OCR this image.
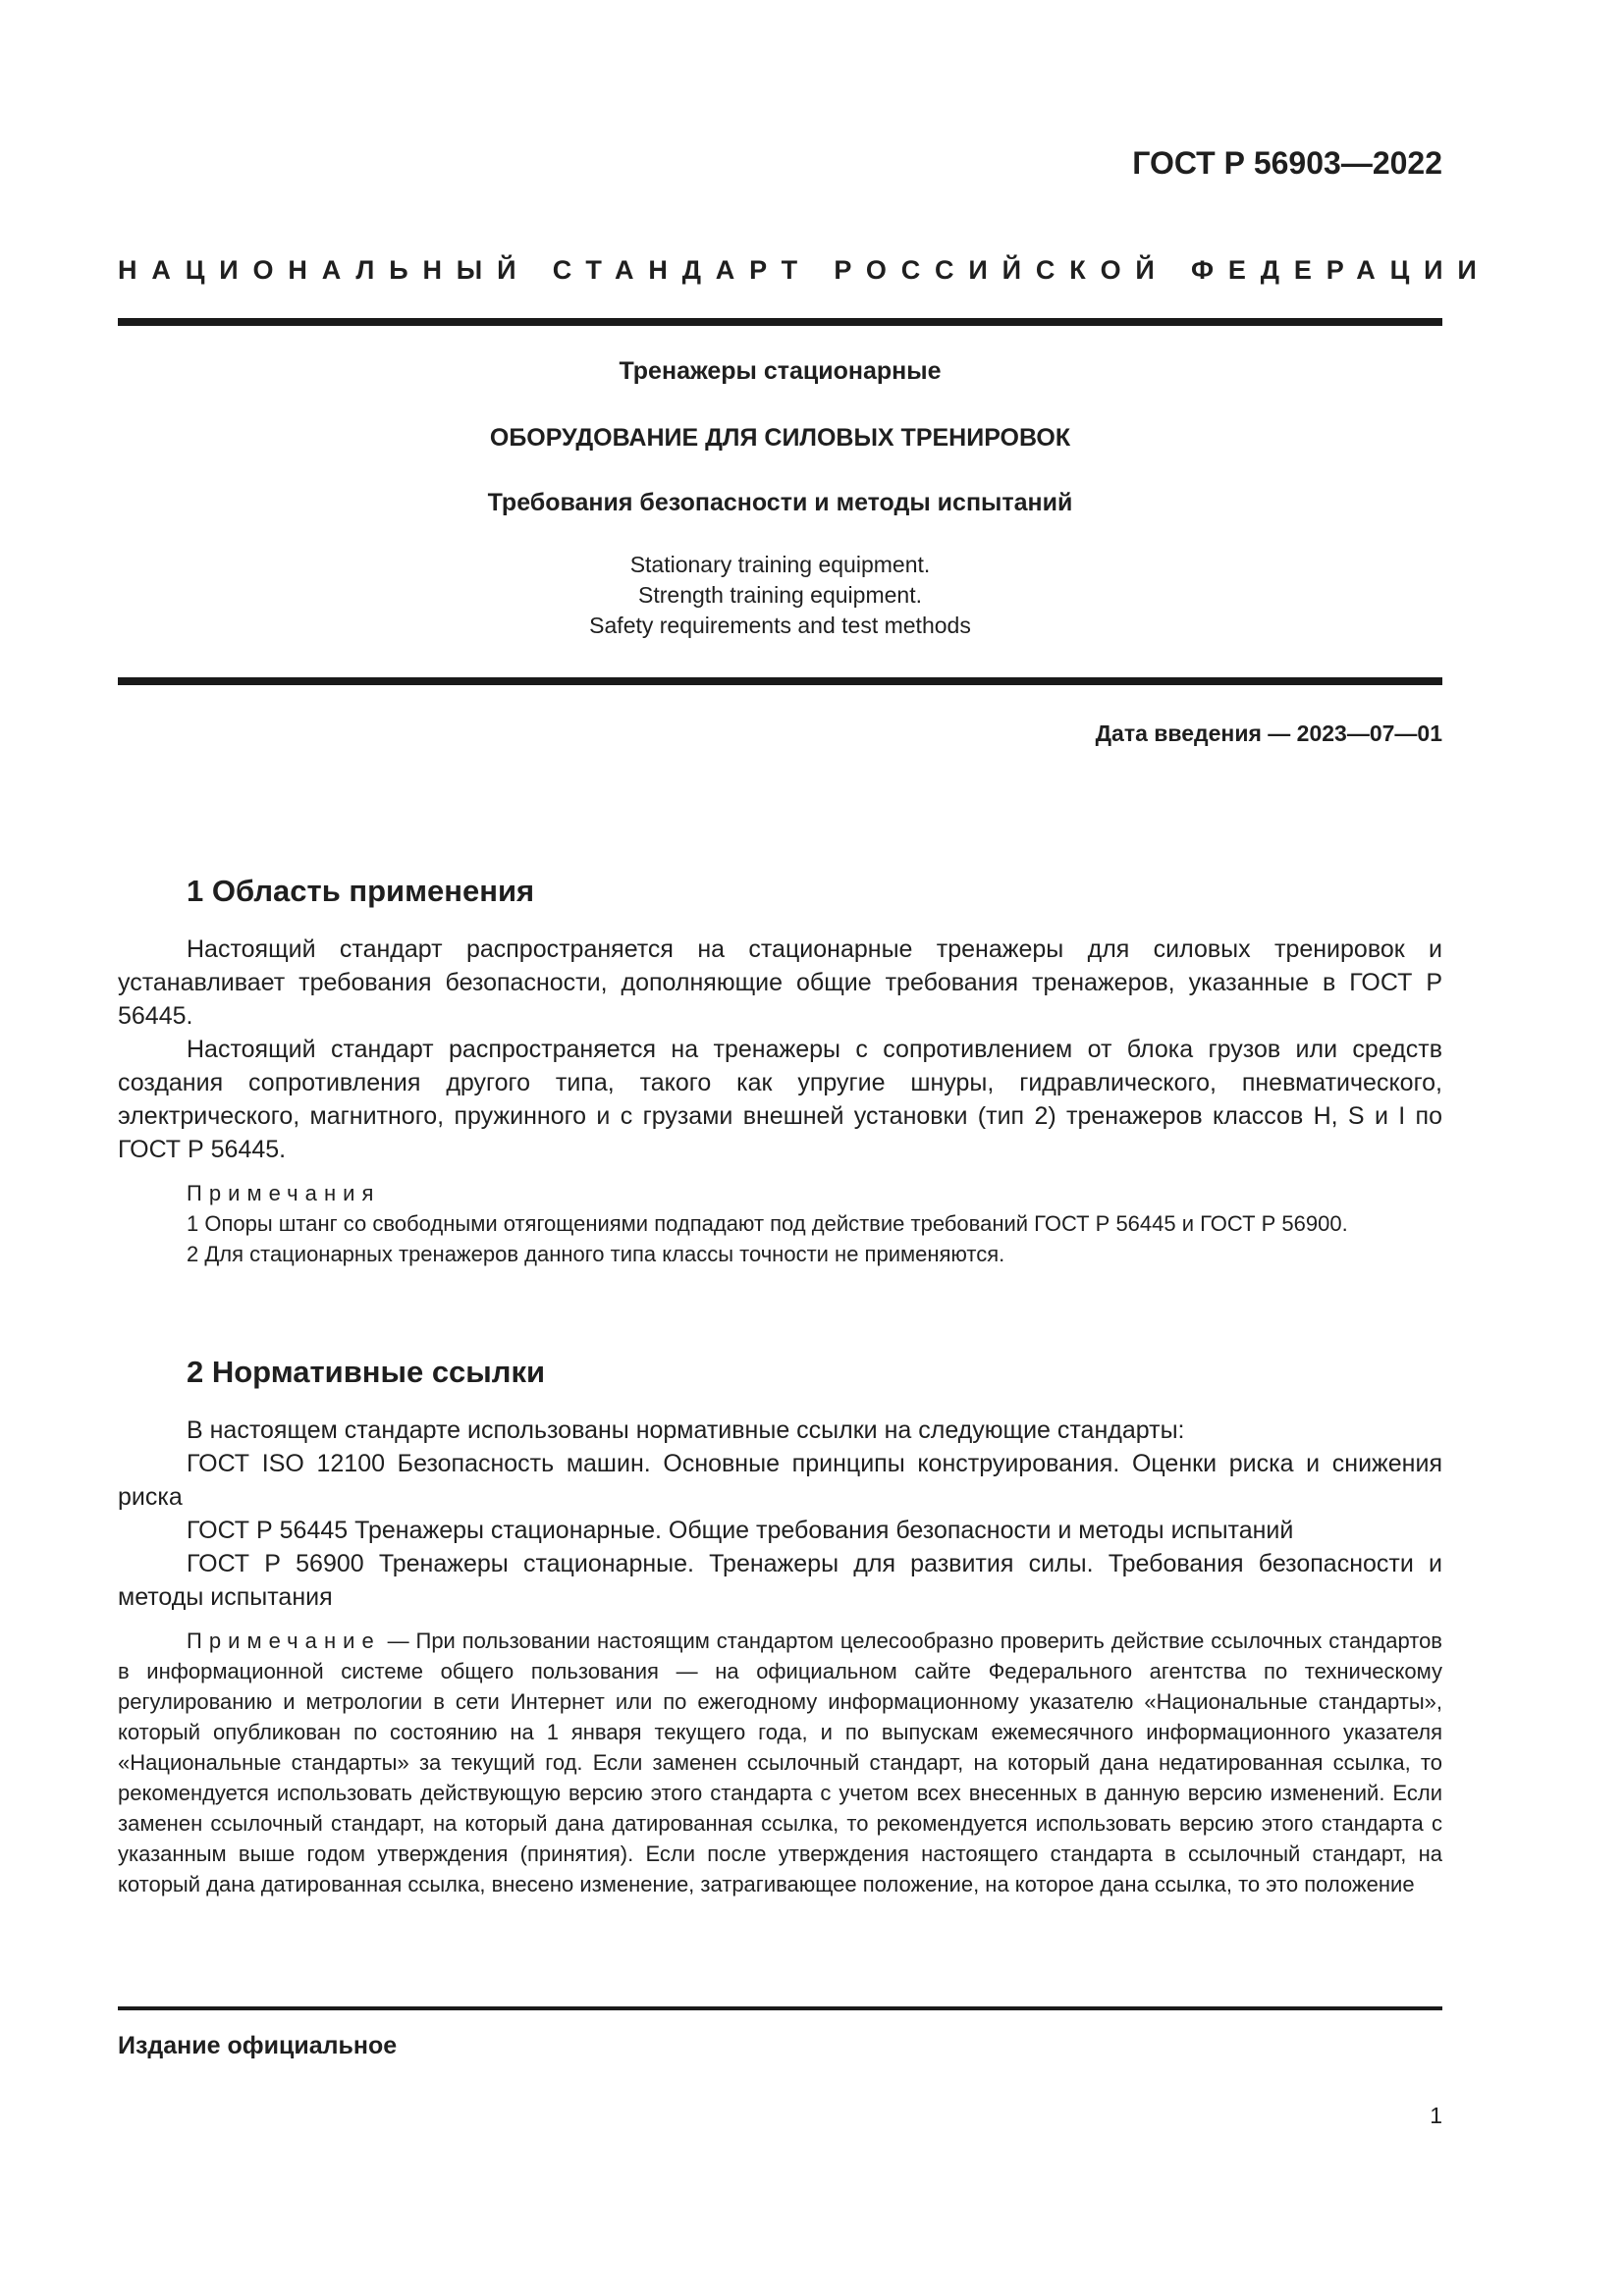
ГОСТ Р 56903—2022
НАЦИОНАЛЬНЫЙ СТАНДАРТ РОССИЙСКОЙ ФЕДЕРАЦИИ
Тренажеры стационарные
ОБОРУДОВАНИЕ ДЛЯ СИЛОВЫХ ТРЕНИРОВОК
Требования безопасности и методы испытаний
Stationary training equipment.
Strength training equipment.
Safety requirements and test methods
Дата введения — 2023—07—01
1 Область применения

Настоящий стандарт распространяется на стационарные тренажеры для силовых тренировок и устанавливает требования безопасности, дополняющие общие требования тренажеров, указанные в ГОСТ Р 56445.

Настоящий стандарт распространяется на тренажеры с сопротивлением от блока грузов или средств создания сопротивления другого типа, такого как упругие шнуры, гидравлического, пневматического, электрического, магнитного, пружинного и с грузами внешней установки (тип 2) тренажеров классов H, S и I по ГОСТ Р 56445.

Примечания

1 Опоры штанг со свободными отягощениями подпадают под действие требований ГОСТ Р 56445 и ГОСТ Р 56900.

2 Для стационарных тренажеров данного типа классы точности не применяются.

2 Нормативные ссылки

В настоящем стандарте использованы нормативные ссылки на следующие стандарты:

ГОСТ ISO 12100 Безопасность машин. Основные принципы конструирования. Оценки риска и снижения риска

ГОСТ Р 56445 Тренажеры стационарные. Общие требования безопасности и методы испытаний

ГОСТ Р 56900 Тренажеры стационарные. Тренажеры для развития силы. Требования безопасности и методы испытания

Примечание — При пользовании настоящим стандартом целесообразно проверить действие ссылочных стандартов в информационной системе общего пользования — на официальном сайте Федерального агентства по техническому регулированию и метрологии в сети Интернет или по ежегодному информационному указателю «Национальные стандарты», который опубликован по состоянию на 1 января текущего года, и по выпускам ежемесячного информационного указателя «Национальные стандарты» за текущий год. Если заменен ссылочный стандарт, на который дана недатированная ссылка, то рекомендуется использовать действующую версию этого стандарта с учетом всех внесенных в данную версию изменений. Если заменен ссылочный стандарт, на который дана датированная ссылка, то рекомендуется использовать версию этого стандарта с указанным выше годом утверждения (принятия). Если после утверждения настоящего стандарта в ссылочный стандарт, на который дана датированная ссылка, внесено изменение, затрагивающее положение, на которое дана ссылка, то это положение

Издание официальное
1
